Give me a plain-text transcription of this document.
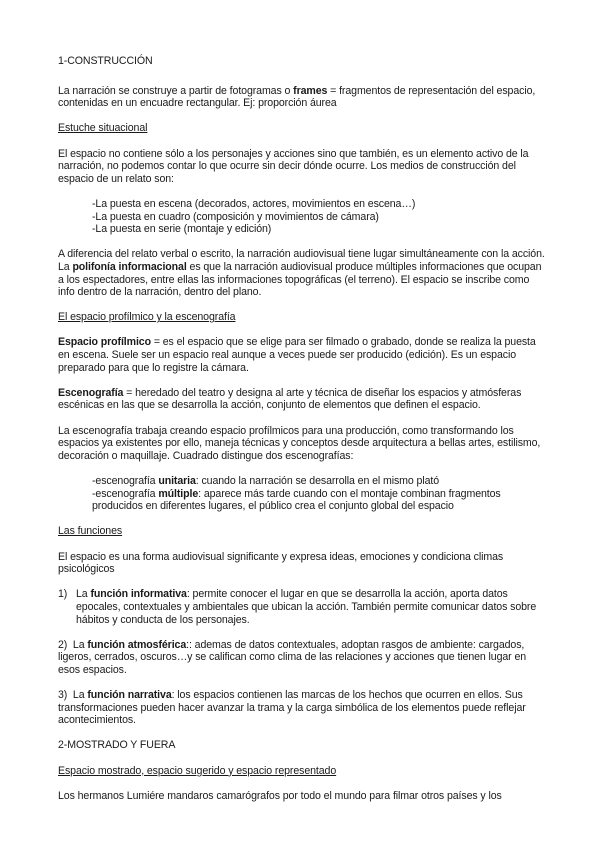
1-CONSTRUCCIÓN

La narración se construye a partir de fotogramas o frames = fragmentos de representación del espacio, contenidas en un encuadre rectangular. Ej: proporción áurea

Estuche situacional

El espacio no contiene sólo a los personajes y acciones sino que también, es un elemento activo de la narración, no podemos contar lo que ocurre sin decir dónde ocurre. Los medios de construcción del espacio de un relato son:

-La puesta en escena (decorados, actores, movimientos en escena…)
-La puesta en cuadro (composición y movimientos de cámara)
-La puesta en serie (montaje y edición)

A diferencia del relato verbal o escrito, la narración audiovisual tiene lugar simultáneamente con la acción. La polifonía informacional es que la narración audiovisual produce múltiples informaciones que ocupan a los espectadores, entre ellas las informaciones topográficas (el terreno). El espacio se inscribe como info dentro de la narración, dentro del plano.

El espacio profílmico y la escenografía

Espacio profílmico = es el espacio que se elige para ser filmado o grabado, donde se realiza la puesta en escena. Suele ser un espacio real aunque a veces puede ser producido (edición). Es un espacio preparado para que lo registre la cámara.

Escenografía = heredado del teatro y designa al arte y técnica de diseñar los espacios y atmósferas escénicas en las que se desarrolla la acción, conjunto de elementos que definen el espacio.

La escenografía trabaja creando espacio profílmicos para una producción, como transformando los espacios ya existentes por ello, maneja técnicas y conceptos desde arquitectura a bellas artes, estilismo, decoración o maquillaje. Cuadrado distingue dos escenografías:

-escenografía unitaria: cuando la narración se desarrolla en el mismo plató
-escenografía múltiple: aparece más tarde cuando con el montaje combinan fragmentos producidos en diferentes lugares, el público crea el conjunto global del espacio

Las funciones

El espacio es una forma audiovisual significante y expresa ideas, emociones y condiciona climas psicológicos

1) La función informativa: permite conocer el lugar en que se desarrolla la acción, aporta datos epocales, contextuales y ambientales que ubican la acción. También permite comunicar datos sobre hábitos y conducta de los personajes.

2) La función atmosférica:: ademas de datos contextuales, adoptan rasgos de ambiente: cargados, ligeros, cerrados, oscuros…y se califican como clima de las relaciones y acciones que tienen lugar en esos espacios.

3) La función narrativa: los espacios contienen las marcas de los hechos que ocurren en ellos. Sus transformaciones pueden hacer avanzar la trama y la carga simbólica de los elementos puede reflejar acontecimientos.

2-MOSTRADO Y FUERA

Espacio mostrado, espacio sugerido y espacio representado

Los hermanos Lumiére mandaros camarógrafos por todo el mundo para filmar otros países y los
